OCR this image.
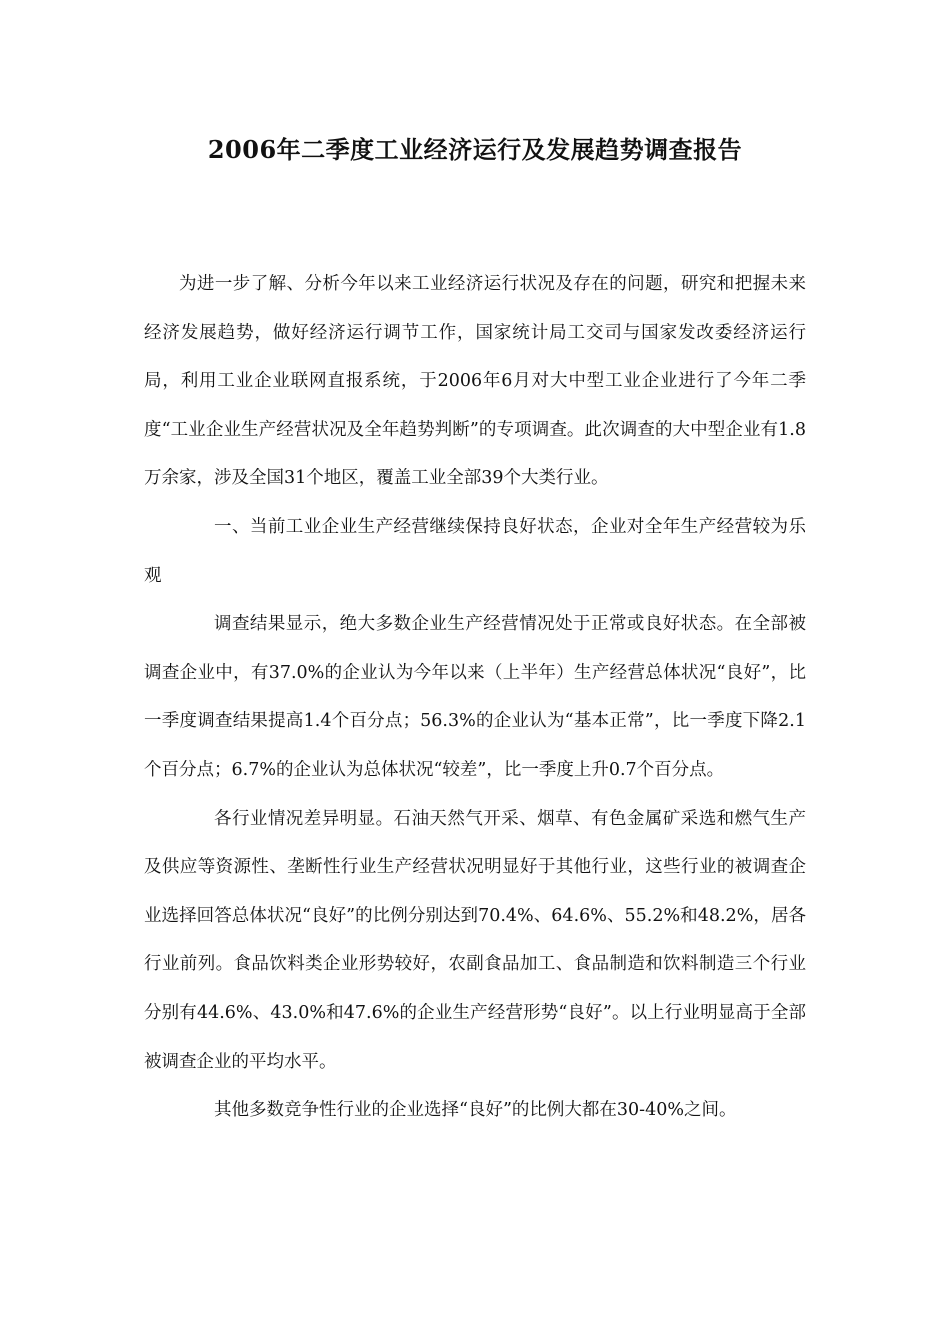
2006年二季度工业经济运行及发展趋势调查报告

为进一步了解、分析今年以来工业经济运行状况及存在的问题，研究和把握未来经济发展趋势，做好经济运行调节工作，国家统计局工交司与国家发改委经济运行局，利用工业企业联网直报系统，于2006年6月对大中型工业企业进行了今年二季度“工业企业生产经营状况及全年趋势判断”的专项调查。此次调查的大中型企业有1.8万余家，涉及全国31个地区，覆盖工业全部39个大类行业。

一、当前工业企业生产经营继续保持良好状态，企业对全年生产经营较为乐观

调查结果显示，绝大多数企业生产经营情况处于正常或良好状态。在全部被调查企业中，有37.0%的企业认为今年以来（上半年）生产经营总体状况“良好”，比一季度调查结果提高1.4个百分点；56.3%的企业认为“基本正常”，比一季度下降2.1个百分点；6.7%的企业认为总体状况“较差”，比一季度上升0.7个百分点。

各行业情况差异明显。石油天然气开采、烟草、有色金属矿采选和燃气生产及供应等资源性、垄断性行业生产经营状况明显好于其他行业，这些行业的被调查企业选择回答总体状况“良好”的比例分别达到70.4%、64.6%、55.2%和48.2%，居各行业前列。食品饮料类企业形势较好，农副食品加工、食品制造和饮料制造三个行业分别有44.6%、43.0%和47.6%的企业生产经营形势“良好”。以上行业明显高于全部被调查企业的平均水平。

其他多数竞争性行业的企业选择“良好”的比例大都在30-40%之间。
